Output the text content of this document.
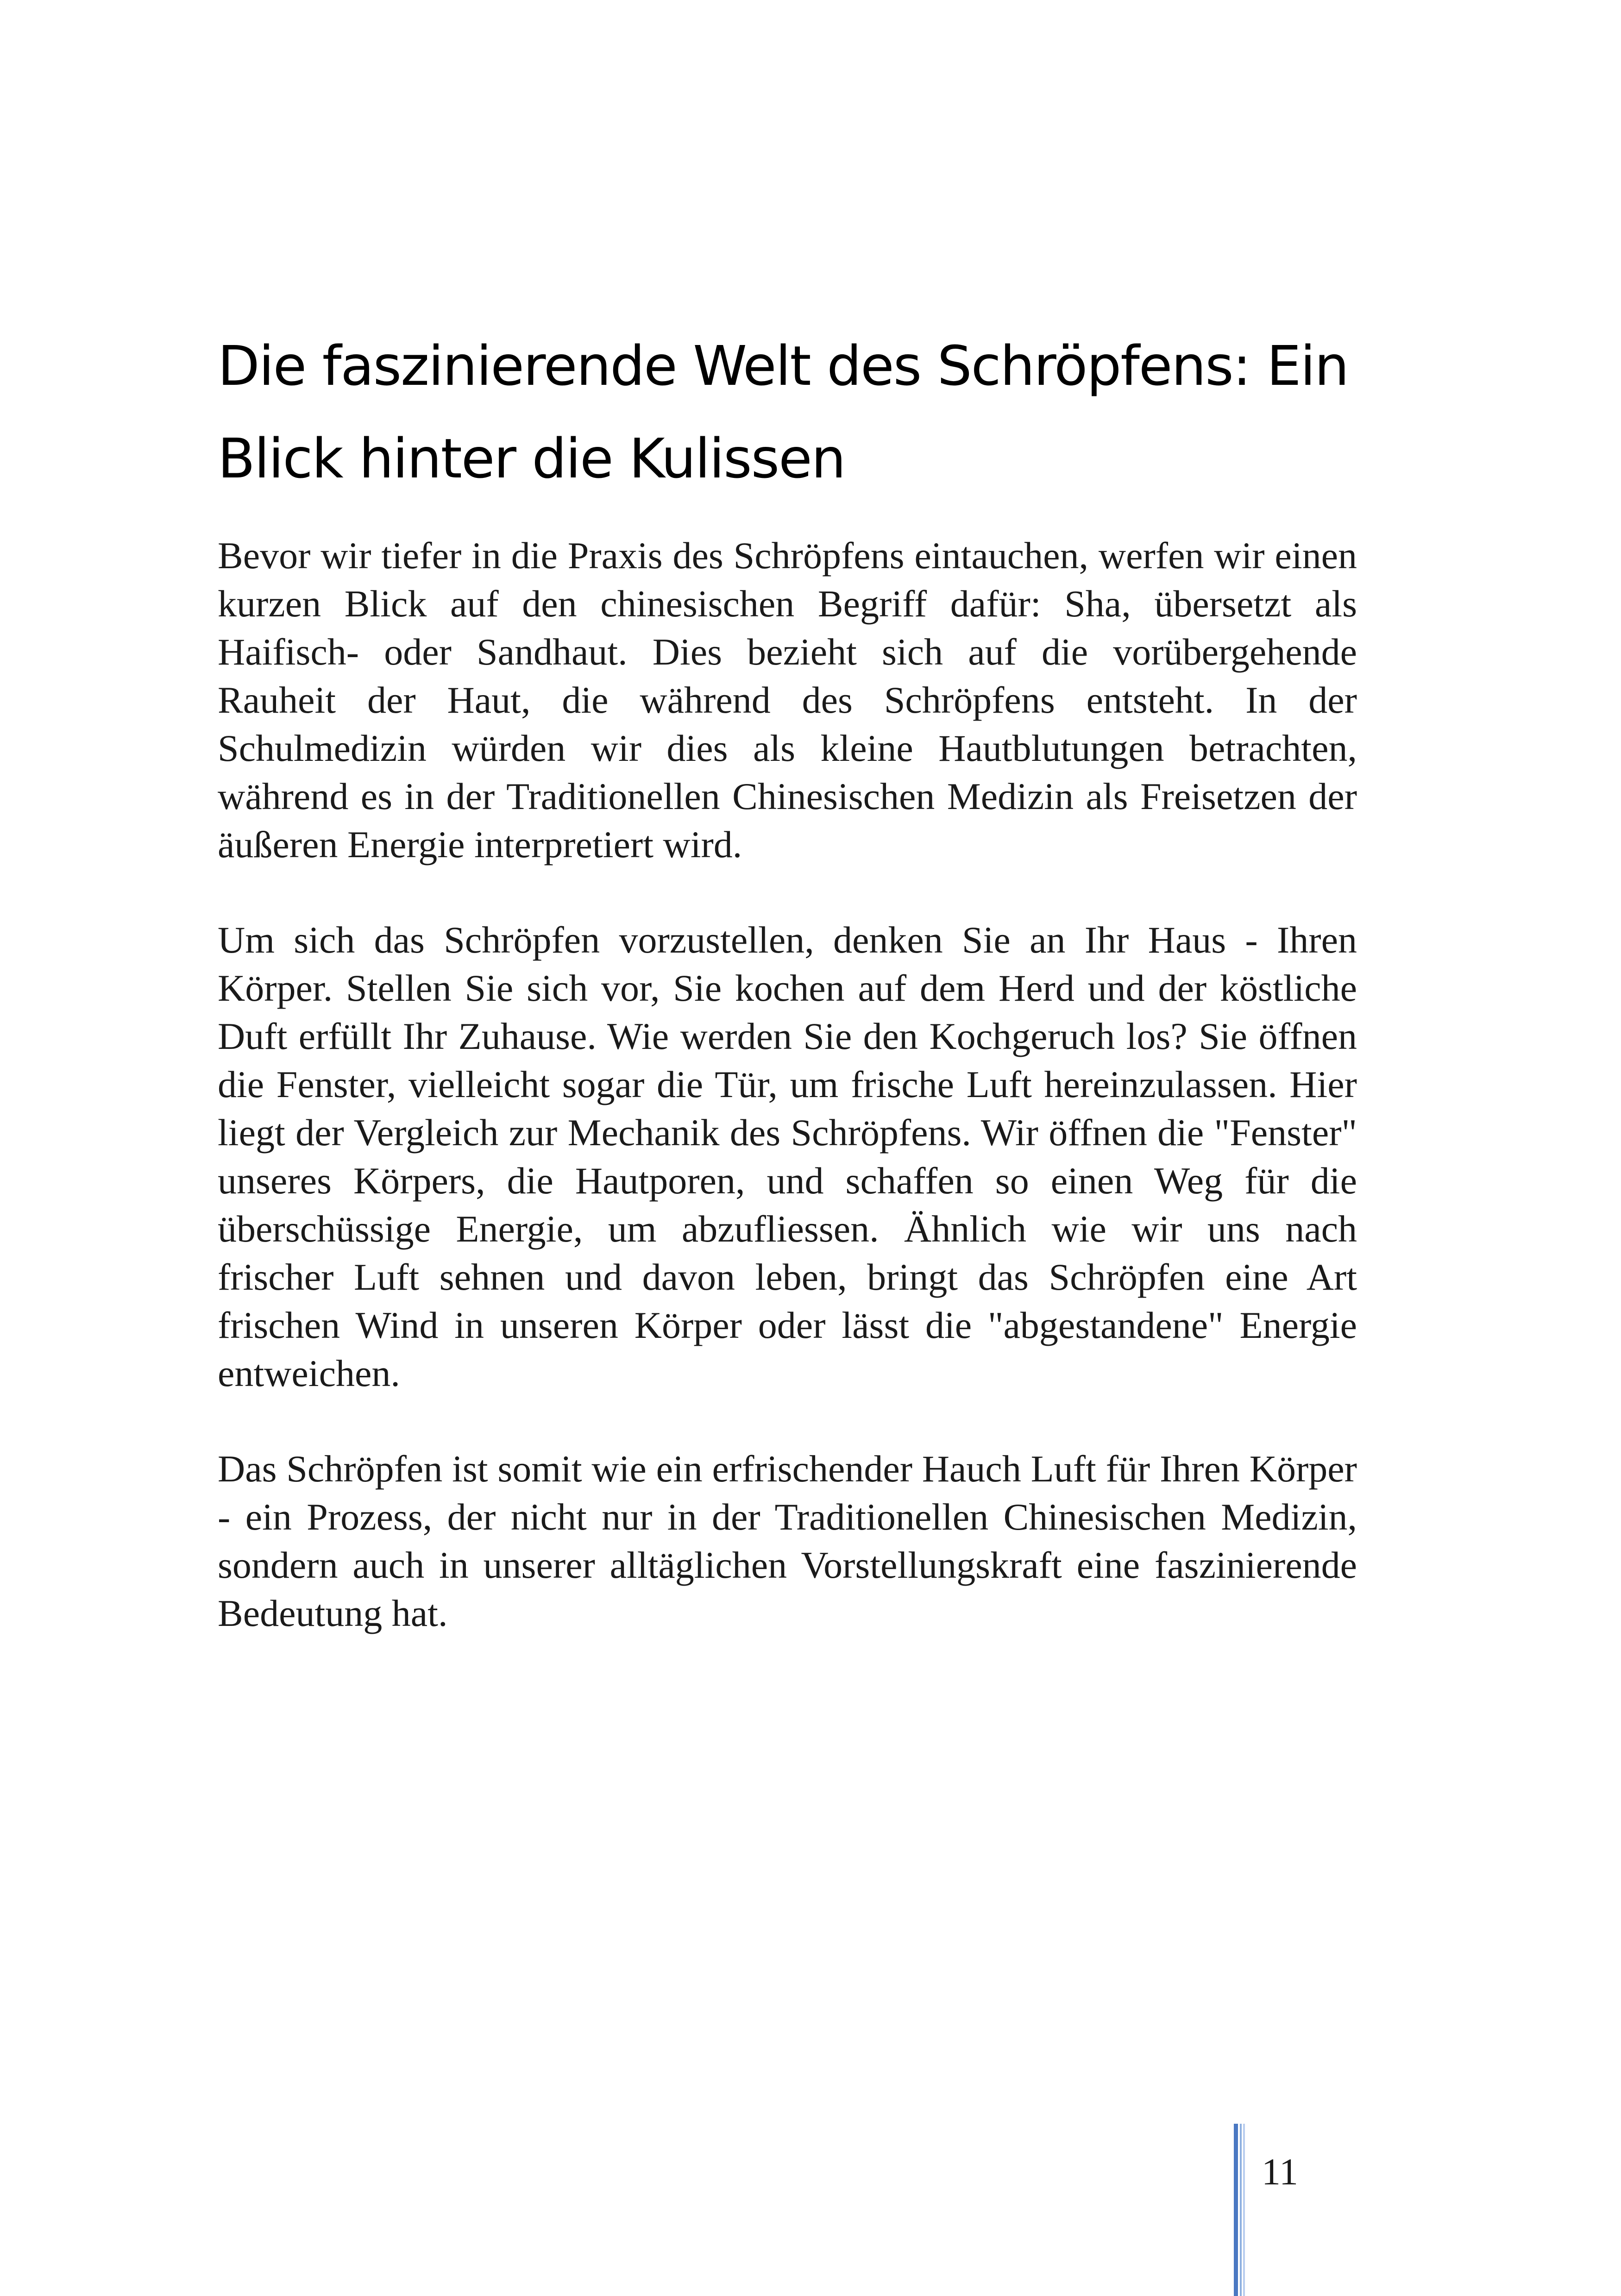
Die faszinierende Welt des Schröpfens: Ein Blick hinter die Kulissen

Bevor wir tiefer in die Praxis des Schröpfens eintauchen, werfen wir einen kurzen Blick auf den chinesischen Begriff dafür: Sha, übersetzt als Haifisch- oder Sandhaut. Dies bezieht sich auf die vorübergehende Rauheit der Haut, die während des Schröpfens entsteht. In der Schulmedizin würden wir dies als kleine Hautblutungen betrachten, während es in der Traditionellen Chinesischen Medizin als Freisetzen der äußeren Energie interpretiert wird.

Um sich das Schröpfen vorzustellen, denken Sie an Ihr Haus - Ihren Körper. Stellen Sie sich vor, Sie kochen auf dem Herd und der köstliche Duft erfüllt Ihr Zuhause. Wie werden Sie den Kochgeruch los? Sie öffnen die Fenster, vielleicht sogar die Tür, um frische Luft hereinzulassen. Hier liegt der Vergleich zur Mechanik des Schröpfens. Wir öffnen die "Fenster" unseres Körpers, die Hautporen, und schaffen so einen Weg für die überschüssige Energie, um abzufliessen. Ähnlich wie wir uns nach frischer Luft sehnen und davon leben, bringt das Schröpfen eine Art frischen Wind in unseren Körper oder lässt die "abgestandene" Energie entweichen.

Das Schröpfen ist somit wie ein erfrischender Hauch Luft für Ihren Körper - ein Prozess, der nicht nur in der Traditionellen Chinesischen Medizin, sondern auch in unserer alltäglichen Vorstellungskraft eine faszinierende Bedeutung hat.

11
